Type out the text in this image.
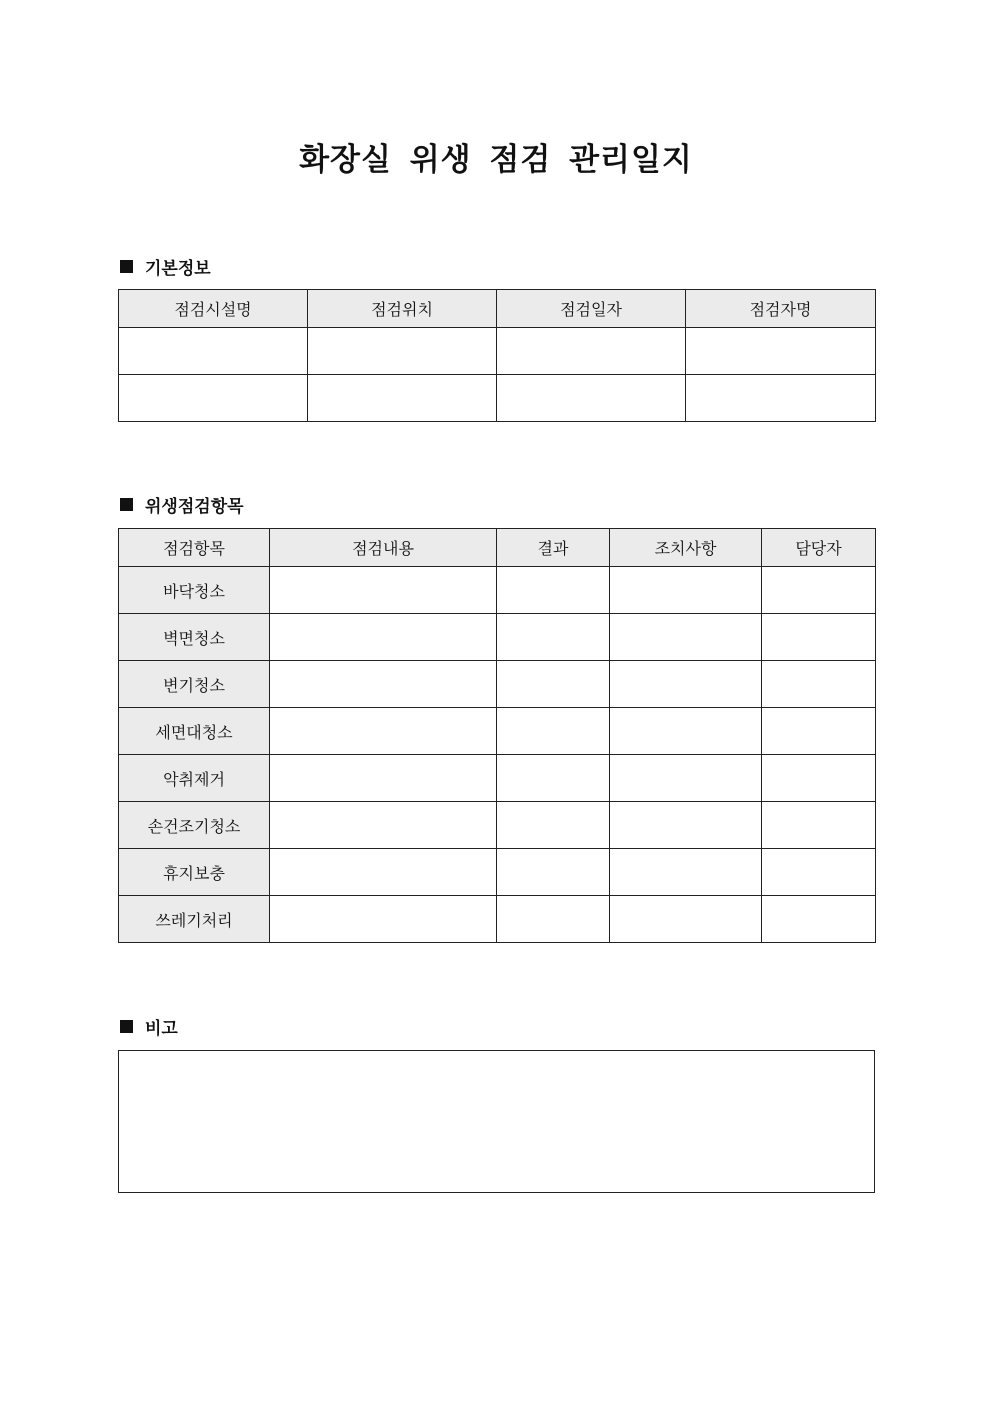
화장실 위생 점검 관리일지
기본정보
점검시설명	점검위치	점검일자	점검자명

위생점검항목
점검항목	점검내용	결과	조치사항	담당자
바닥청소				
벽면청소				
변기청소				
세면대청소				
악취제거				
손건조기청소				
휴지보충				
쓰레기처리				
비고
